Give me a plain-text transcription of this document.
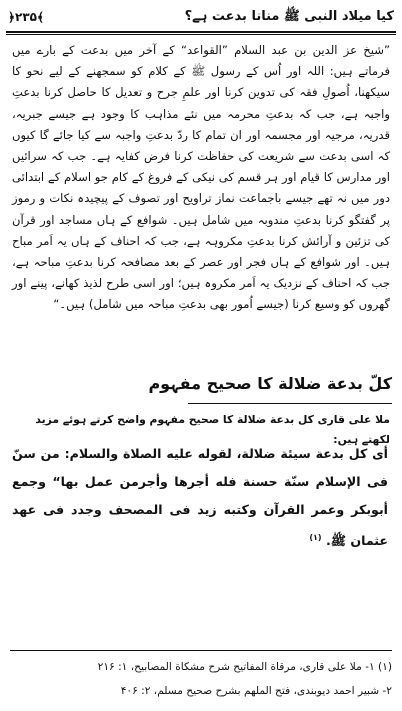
﴿۲۳۵﴾	کیا میلاد النبی ﷺ منانا بدعت ہے؟

”شیخ عز الدین بن عبد السلام ”القواعد“ کے آخر میں بدعت کے بارے میں فرماتے ہیں: اللہ اور اُس کے رسول ﷺ کے کلام کو سمجھنے کے لیے نحو کا سیکھنا، اُصولِ فقہ کی تدوین کرنا اور علمِ جرح و تعدیل کا حاصل کرنا بدعتِ واجبہ ہے، جب کہ بدعتِ محرمہ میں نئے مذاہب کا وجود ہے جیسے جبریہ، قدریہ، مرجیہ اور مجسمہ اور ان تمام کا ردّ بدعتِ واجبہ سے کیا جائے گا کیوں کہ اسی بدعت سے شریعت کی حفاظت کرنا فرض کفایہ ہے۔ جب کہ سرائیں اور مدارس کا قیام اور ہر قسم کی نیکی کے فروغ کے کام جو اسلام کے ابتدائی دور میں نہ تھے جیسے باجماعت نماز تراویح اور تصوف کے پیچیدہ نکات و رموز پر گفتگو کرنا بدعتِ مندوبہ میں شامل ہیں۔ شوافع کے ہاں مساجد اور قرآن کی تزئین و آرائش کرنا بدعتِ مکروہہ ہے، جب کہ احناف کے ہاں یہ اَمر مباح ہیں۔ اور شوافع کے ہاں فجر اور عصر کے بعد مصافحہ کرنا بدعتِ مباحہ ہے، جب کہ احناف کے نزدیک یہ اَمر مکروہ ہیں؛ اور اسی طرح لذیذ کھانے، پینے اور گھروں کو وسیع کرنا (جیسے اُمور بھی بدعتِ مباحہ میں شامل) ہیں۔“

کلّ بدعة ضلالة کا صحیح مفہوم
ملا علی قاری کل بدعة ضلالة کا صحیح مفہوم واضح کرتے ہوئے مزید لکھتے ہیں:
أی کل بدعة سیئة ضلالة، لقوله علیه الصلاة والسلام: من سنّ فی الإسلام سنّة حسنة فله أجرها وأجرمن عمل بها“ وجمع أبوبکر وعمر القرآن وکتبه زید فی المصحف وجدد فی عهد عثمان ﷺ. $^{(۱)}$
(۱) ۱- ملا علی قاری، مرقاة المفاتیح شرح مشکاة المصابیح، ۱: ۲۱۶
۲- شبیر احمد دیوبندی، فتح الملهم بشرح صحیح مسلم، ۲: ۴۰۶
